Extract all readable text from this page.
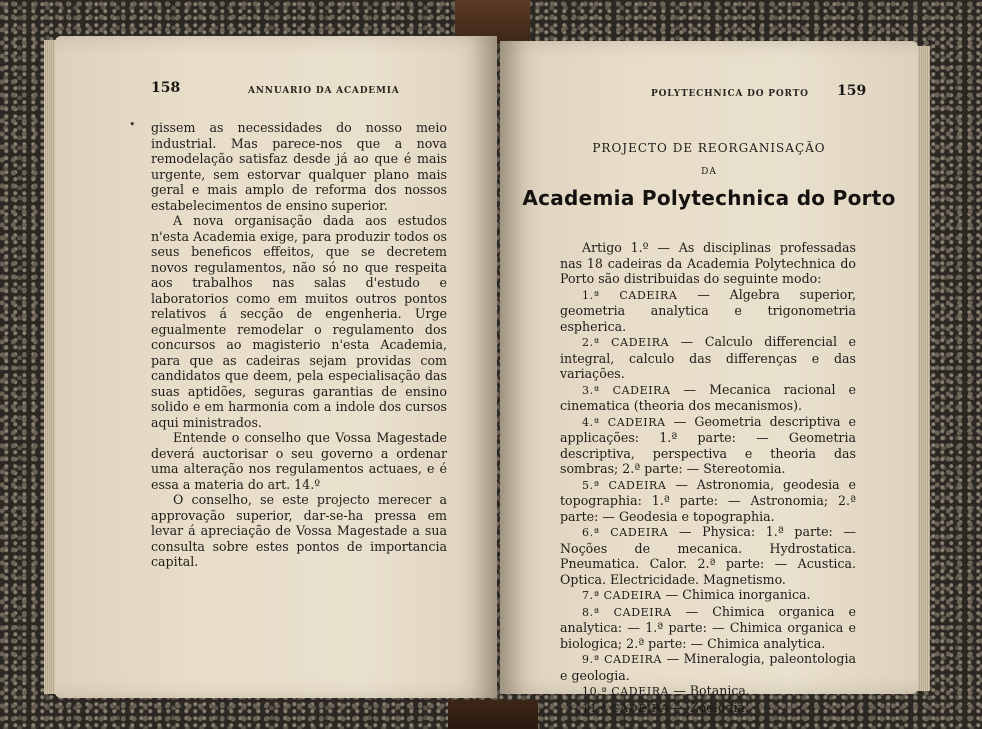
158	ANNUARIO DA ACADEMIA
• gissem as necessidades do nosso meio industrial. Mas parece-nos que a nova remodelação satisfaz desde já ao que é mais urgente, sem estorvar qualquer plano mais geral e mais amplo de reforma dos nossos estabelecimentos de ensino superior.

A nova organisação dada aos estudos n'esta Academia exige, para produzir todos os seus beneficos effeitos, que se decretem novos regulamentos, não só no que respeita aos trabalhos nas salas d'estudo e laboratorios como em muitos outros pontos relativos á secção de engenheria. Urge egualmente remodelar o regulamento dos concursos ao magisterio n'esta Academia, para que as cadeiras sejam providas com candidatos que deem, pela especialisação das suas aptidões, seguras garantias de ensino solido e em harmonia com a indole dos cursos aqui ministrados.

Entende o conselho que Vossa Magestade deverá auctorisar o seu governo a ordenar uma alteração nos regulamentos actuaes, e é essa a materia do art. 14.º

O conselho, se este projecto merecer a approvação superior, dar-se-ha pressa em levar á apreciação de Vossa Magestade a sua consulta sobre estes pontos de importancia capital.

POLYTECHNICA DO PORTO 159
PROJECTO DE REORGANISAÇÃO
DA
Academia Polytechnica do Porto

Artigo 1.º — As disciplinas professadas nas 18 cadeiras da Academia Polytechnica do Porto são distribuidas do seguinte modo:

1.ª CADEIRA — Algebra superior, geometria analytica e trigonometria espherica.

2.ª CADEIRA — Calculo differencial e integral, calculo das differenças e das variações.

3.ª CADEIRA — Mecanica racional e cinematica (theoria dos mecanismos).

4.ª CADEIRA — Geometria descriptiva e applicações: 1.ª parte: — Geometria descriptiva, perspectiva e theoria das sombras; 2.ª parte: — Stereotomia.

5.ª CADEIRA — Astronomia, geodesia e topographia: 1.ª parte: — Astronomia; 2.ª parte: — Geodesia e topographia.

6.ª CADEIRA — Physica: 1.ª parte: — Noções de mecanica. Hydrostatica. Pneumatica. Calor. 2.ª parte: — Acustica. Optica. Electricidade. Magnetismo.

7.ª CADEIRA — Chimica inorganica.

8.ª CADEIRA — Chimica organica e analytica: — 1.ª parte: — Chimica organica e biologica; 2.ª parte: — Chimica analytica.

9.ª CADEIRA — Mineralogia, paleontologia e geologia.

10.ª CADEIRA — Botanica.

11.ª CADEIRA — Zoologia.
